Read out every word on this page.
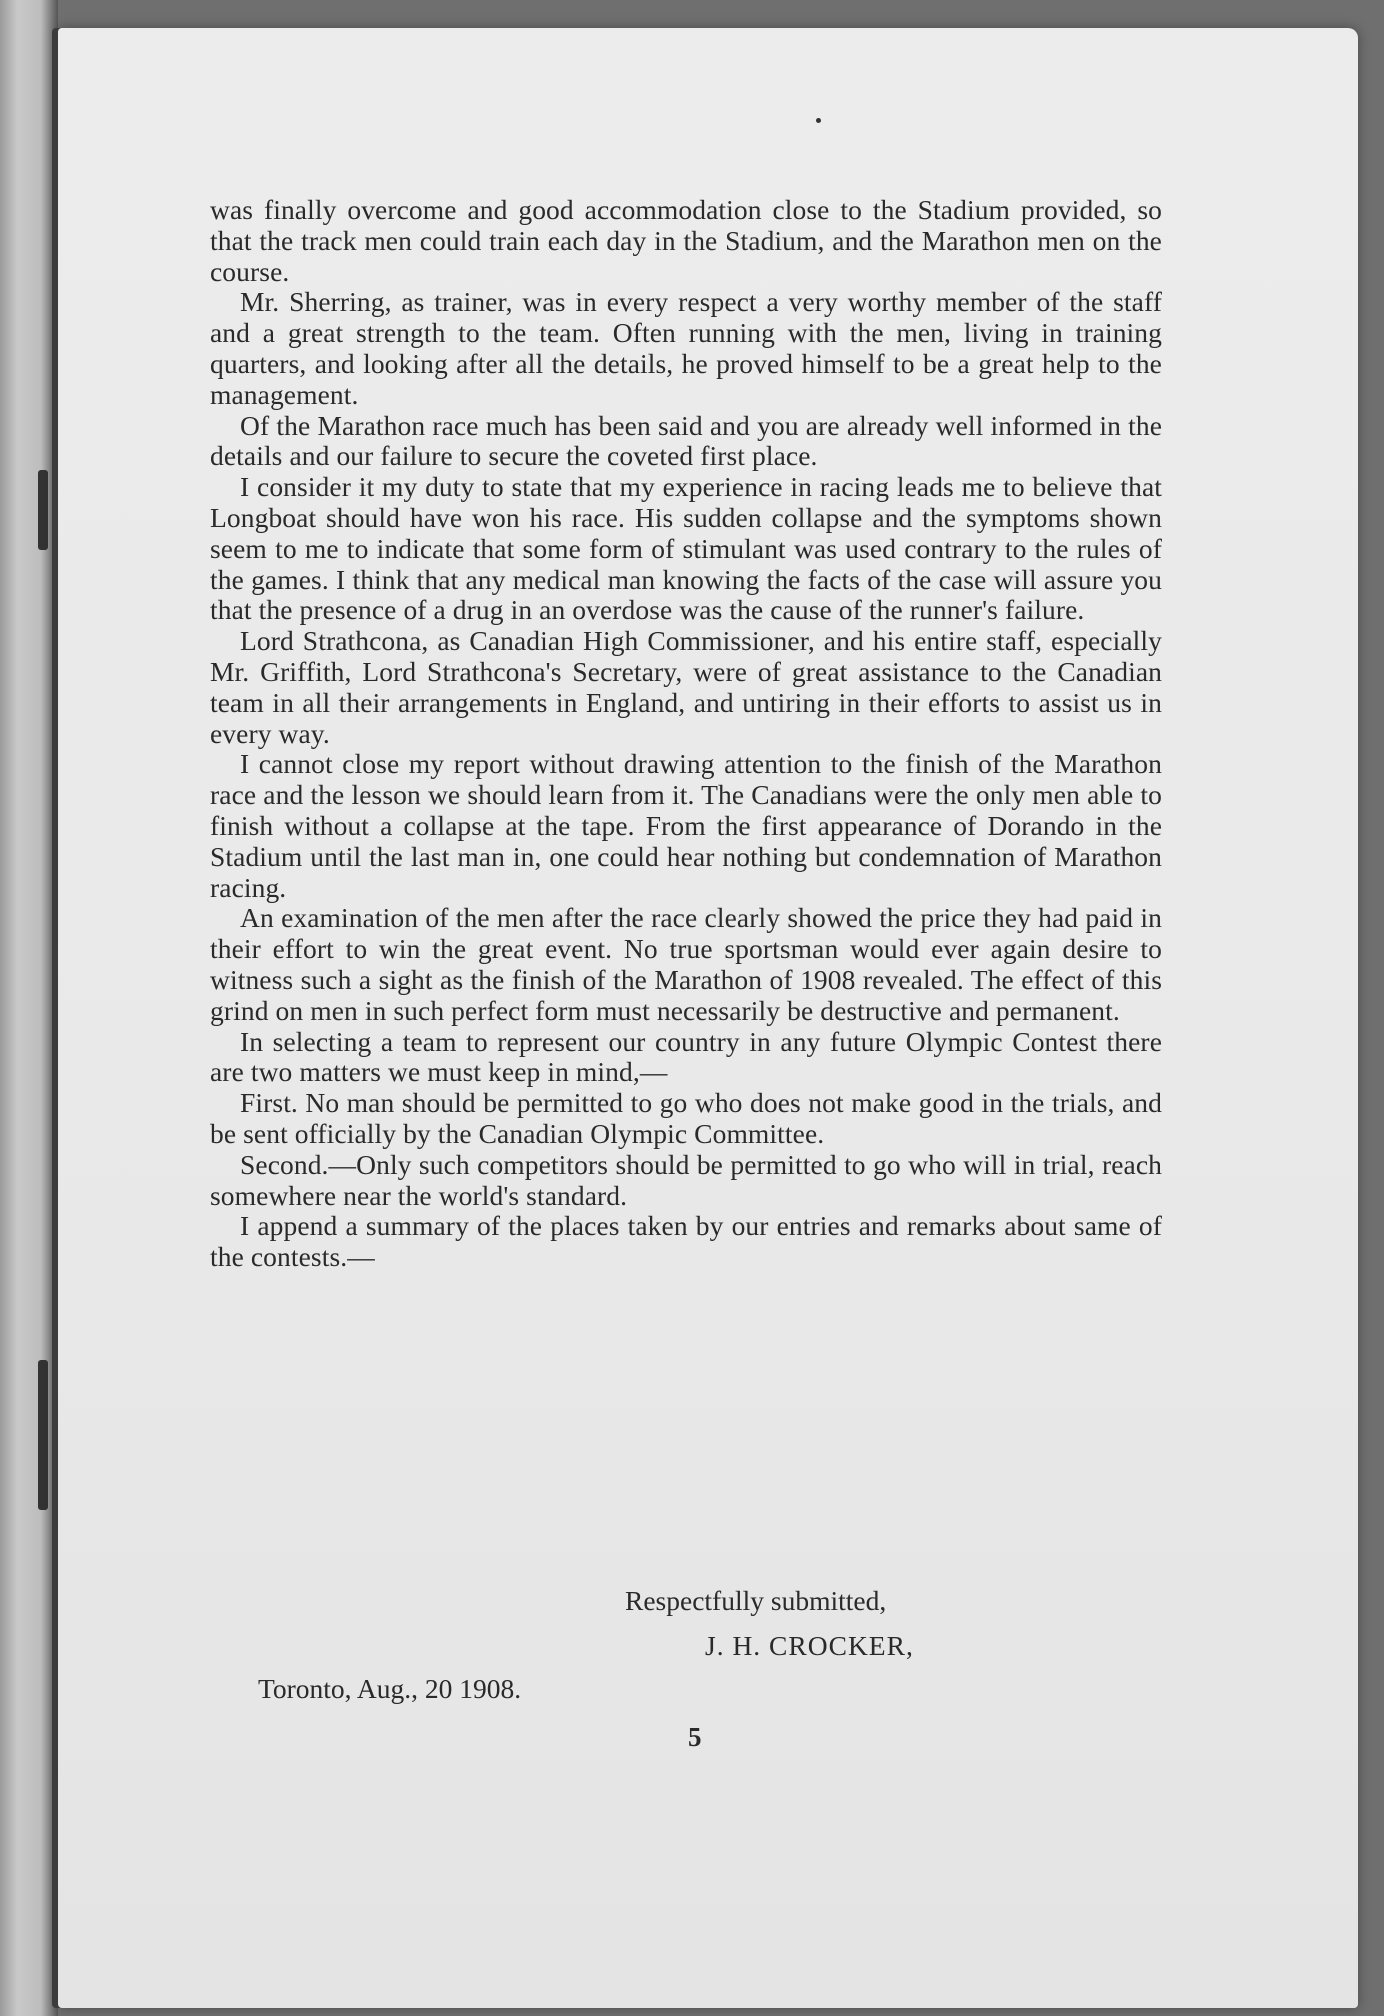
was finally overcome and good accommodation close to the Stadium provided, so that the track men could train each day in the Stadium, and the Marathon men on the course.

Mr. Sherring, as trainer, was in every respect a very worthy member of the staff and a great strength to the team. Often running with the men, living in training quarters, and looking after all the details, he proved himself to be a great help to the management.

Of the Marathon race much has been said and you are already well informed in the details and our failure to secure the coveted first place.

I consider it my duty to state that my experience in racing leads me to believe that Longboat should have won his race. His sudden collapse and the symptoms shown seem to me to indicate that some form of stimulant was used contrary to the rules of the games. I think that any medical man knowing the facts of the case will assure you that the presence of a drug in an overdose was the cause of the runner's failure.

Lord Strathcona, as Canadian High Commissioner, and his entire staff, especially Mr. Griffith, Lord Strathcona's Secretary, were of great assistance to the Canadian team in all their arrangements in England, and untiring in their efforts to assist us in every way.

I cannot close my report without drawing attention to the finish of the Marathon race and the lesson we should learn from it. The Canadians were the only men able to finish without a collapse at the tape. From the first appearance of Dorando in the Stadium until the last man in, one could hear nothing but condemnation of Marathon racing.

An examination of the men after the race clearly showed the price they had paid in their effort to win the great event. No true sportsman would ever again desire to witness such a sight as the finish of the Marathon of 1908 revealed. The effect of this grind on men in such perfect form must necessarily be destructive and permanent.

In selecting a team to represent our country in any future Olympic Contest there are two matters we must keep in mind,—

First. No man should be permitted to go who does not make good in the trials, and be sent officially by the Canadian Olympic Committee.

Second.—Only such competitors should be permitted to go who will in trial, reach somewhere near the world's standard.

I append a summary of the places taken by our entries and remarks about same of the contests.—

Respectfully submitted,
J. H. CROCKER,
Toronto, Aug., 20 1908.
5
